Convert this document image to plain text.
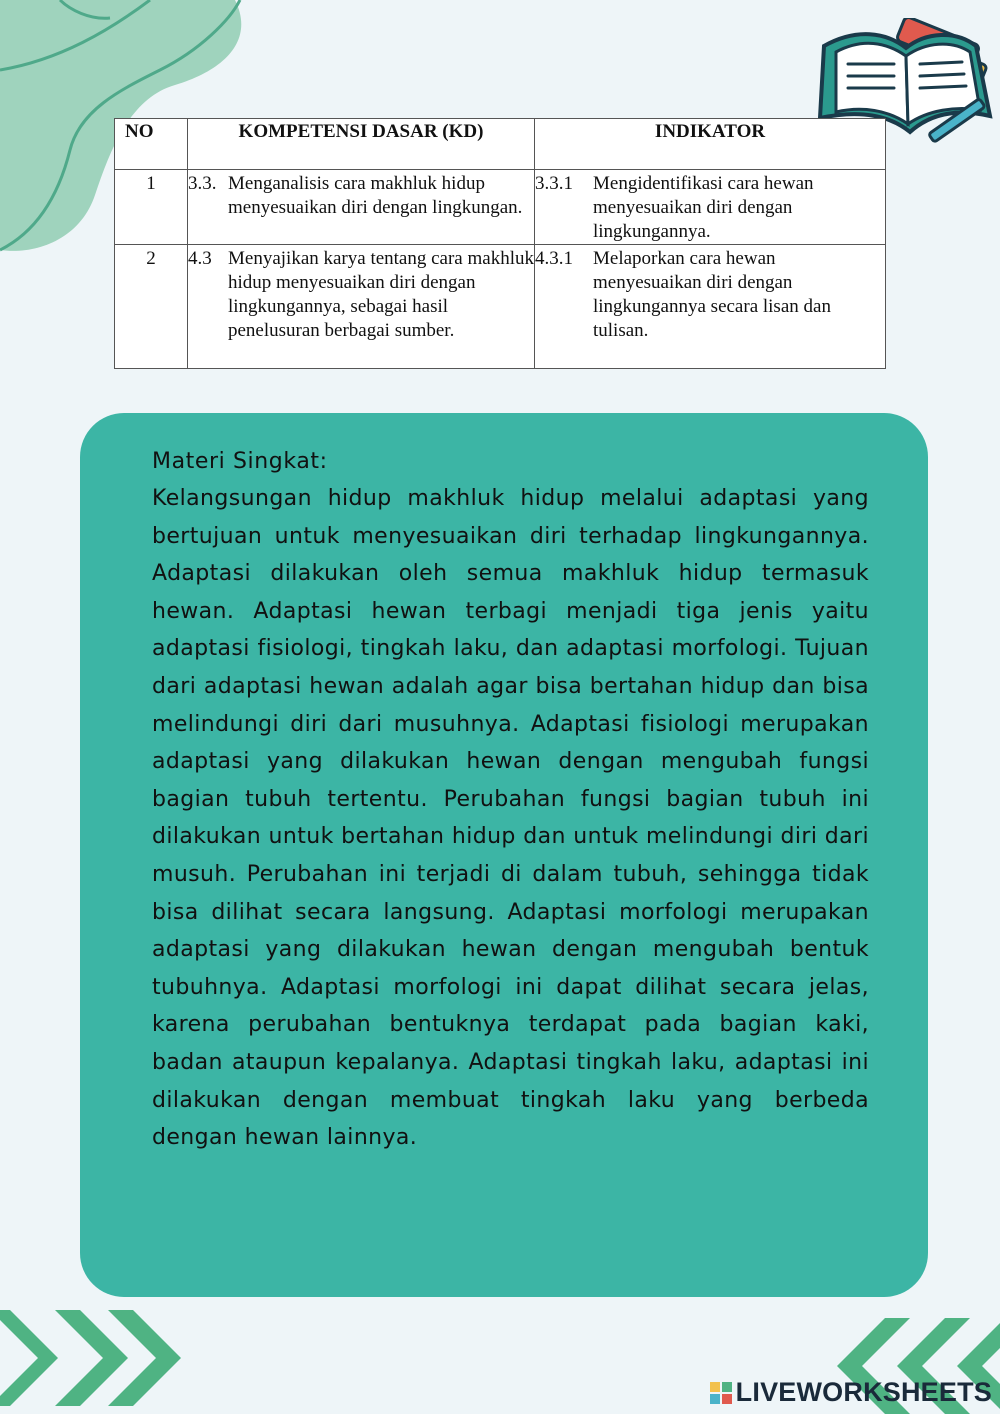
NO	KOMPETENSI DASAR (KD)	INDIKATOR
1	3.3. Menganalisis cara makhluk hidup menyesuaikan diri dengan lingkungan.	3.3.1 Mengidentifikasi cara hewan menyesuaikan diri dengan lingkungannya.

2	4.3 Menyajikan karya tentang cara makhluk hidup menyesuaikan diri dengan lingkungannya, sebagai hasil penelusuran berbagai sumber.	4.3.1 Melaporkan cara hewan menyesuaikan diri dengan lingkungannya secara lisan dan tulisan.
Materi Singkat:

Kelangsungan hidup makhluk hidup melalui adaptasi yang bertujuan untuk menyesuaikan diri terhadap lingkungannya. Adaptasi dilakukan oleh semua makhluk hidup termasuk hewan. Adaptasi hewan terbagi menjadi tiga jenis yaitu adaptasi fisiologi, tingkah laku, dan adaptasi morfologi. Tujuan dari adaptasi hewan adalah agar bisa bertahan hidup dan bisa melindungi diri dari musuhnya. Adaptasi fisiologi merupakan adaptasi yang dilakukan hewan dengan mengubah fungsi bagian tubuh tertentu. Perubahan fungsi bagian tubuh ini dilakukan untuk bertahan hidup dan untuk melindungi diri dari musuh. Perubahan ini terjadi di dalam tubuh, sehingga tidak bisa dilihat secara langsung. Adaptasi morfologi merupakan adaptasi yang dilakukan hewan dengan mengubah bentuk tubuhnya. Adaptasi morfologi ini dapat dilihat secara jelas, karena perubahan bentuknya terdapat pada bagian kaki, badan ataupun kepalanya. Adaptasi tingkah laku, adaptasi ini dilakukan dengan membuat tingkah laku yang berbeda dengan hewan lainnya.

LIVEWORKSHEETS
